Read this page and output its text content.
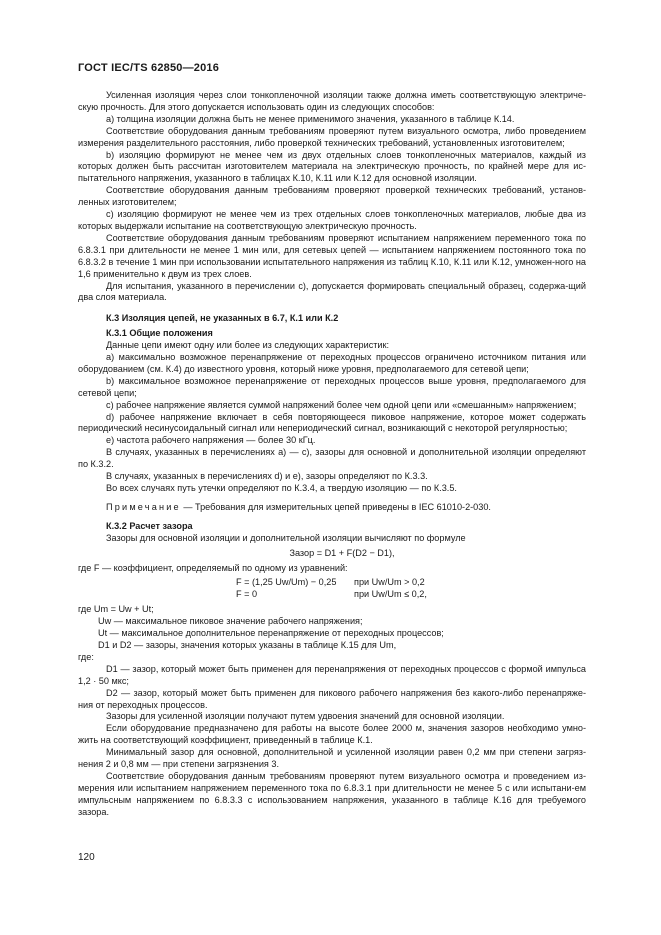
ГОСТ IEC/TS 62850—2016

Усиленная изоляция через слои тонкопленочной изоляции также должна иметь соответствующую электриче-скую прочность. Для этого допускается использовать один из следующих способов:

a) толщина изоляции должна быть не менее применимого значения, указанного в таблице К.14.

Соответствие оборудования данным требованиям проверяют путем визуального осмотра, либо проведением измерения разделительного расстояния, либо проверкой технических требований, установленных изготовителем;

b) изоляцию формируют не менее чем из двух отдельных слоев тонкопленочных материалов, каждый из которых должен быть рассчитан изготовителем материала на электрическую прочность, по крайней мере для ис-пытательного напряжения, указанного в таблицах К.10, К.11 или К.12 для основной изоляции.

Соответствие оборудования данным требованиям проверяют проверкой технических требований, установ-ленных изготовителем;

c) изоляцию формируют не менее чем из трех отдельных слоев тонкопленочных материалов, любые два из которых выдержали испытание на соответствующую электрическую прочность.

Соответствие оборудования данным требованиям проверяют испытанием напряжением переменного тока по 6.8.3.1 при длительности не менее 1 мин или, для сетевых цепей — испытанием напряжением постоянного тока по 6.8.3.2 в течение 1 мин при использовании испытательного напряжения из таблиц К.10, К.11 или К.12, умножен-ного на 1,6 применительно к двум из трех слоев.

Для испытания, указанного в перечислении с), допускается формировать специальный образец, содержа-щий два слоя материала.

К.3 Изоляция цепей, не указанных в 6.7, К.1 или К.2

К.3.1 Общие положения

Данные цепи имеют одну или более из следующих характеристик:

a) максимально возможное перенапряжение от переходных процессов ограничено источником питания или оборудованием (см. К.4) до известного уровня, который ниже уровня, предполагаемого для сетевой цепи;

b) максимальное возможное перенапряжение от переходных процессов выше уровня, предполагаемого для сетевой цепи;

c) рабочее напряжение является суммой напряжений более чем одной цепи или «смешанным» напряжением;

d) рабочее напряжение включает в себя повторяющееся пиковое напряжение, которое может содержать периодический несинусоидальный сигнал или непериодический сигнал, возникающий с некоторой регулярностью;

e) частота рабочего напряжения — более 30 кГц.

В случаях, указанных в перечислениях а) — с), зазоры для основной и дополнительной изоляции определяют по К.3.2.

В случаях, указанных в перечислениях d) и e), зазоры определяют по К.3.3.

Во всех случаях путь утечки определяют по К.3.4, а твердую изоляцию — по К.3.5.

Примечание — Требования для измерительных цепей приведены в IEC 61010-2-030.

К.3.2 Расчет зазора

Зазоры для основной изоляции и дополнительной изоляции вычисляют по формуле

Зазор = D1 + F(D2 − D1),

где F — коэффициент, определяемый по одному из уравнений:

F = (1,25 Uw/Um) − 0,25	при Uw/Um > 0,2
F = 0	при Uw/Um ≤ 0,2,

где Um = Uw + Ut;

Uw — максимальное пиковое значение рабочего напряжения;

Ut — максимальное дополнительное перенапряжение от переходных процессов;

D1 и D2 — зазоры, значения которых указаны в таблице К.15 для Um,

где:

D1 — зазор, который может быть применен для перенапряжения от переходных процессов с формой импульса 1,2 · 50 мкс;

D2 — зазор, который может быть применен для пикового рабочего напряжения без какого-либо перенапряже-ния от переходных процессов.

Зазоры для усиленной изоляции получают путем удвоения значений для основной изоляции.

Если оборудование предназначено для работы на высоте более 2000 м, значения зазоров необходимо умно-жить на соответствующий коэффициент, приведенный в таблице К.1.

Минимальный зазор для основной, дополнительной и усиленной изоляции равен 0,2 мм при степени загряз-нения 2 и 0,8 мм — при степени загрязнения 3.

Соответствие оборудования данным требованиям проверяют путем визуального осмотра и проведением из-мерения или испытанием напряжением переменного тока по 6.8.3.1 при длительности не менее 5 с или испытани-ем импульсным напряжением по 6.8.3.3 с использованием напряжения, указанного в таблице К.16 для требуемого зазора.

120
